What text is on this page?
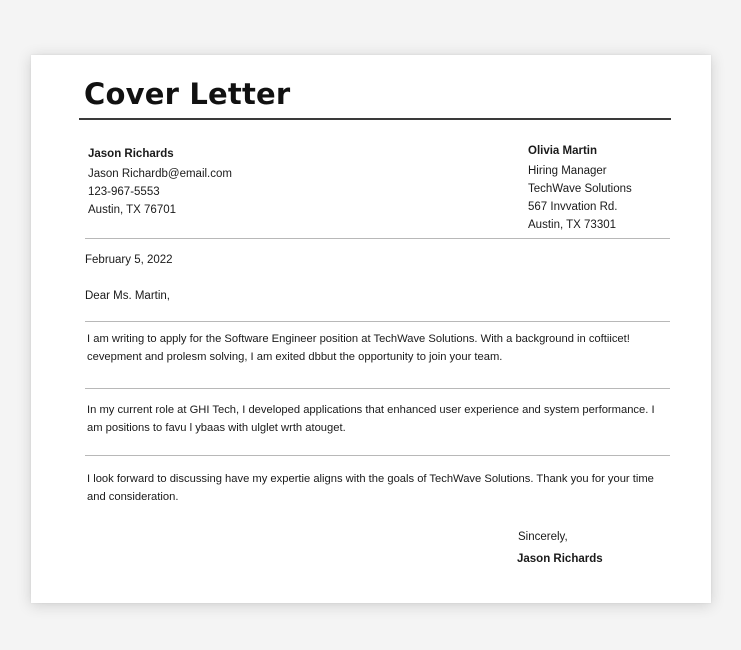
Cover Letter
Jason Richards
Jason Richardb@email.com
123-967-5553
Austin, TX 76701
Olivia Martin
Hiring Manager
TechWave Solutions
567 Invvation Rd.
Austin, TX 73301
February 5, 2022
Dear Ms. Martin,
I am writing to apply for the Software Engineer position at TechWave Solutions. With a background in coftiicet! cevepment and prolesm solving, I am exited dbbut the opportunity to join your team.
In my current role at GHI Tech, I developed applications that enhanced user experience and system performance. I am positions to favu l ybaas with ulglet wrth atouget.
I look forward to discussing have my expertie aligns with the goals of TechWave Solutions. Thank you for your time and consideration.
Sincerely,
Jason Richards
